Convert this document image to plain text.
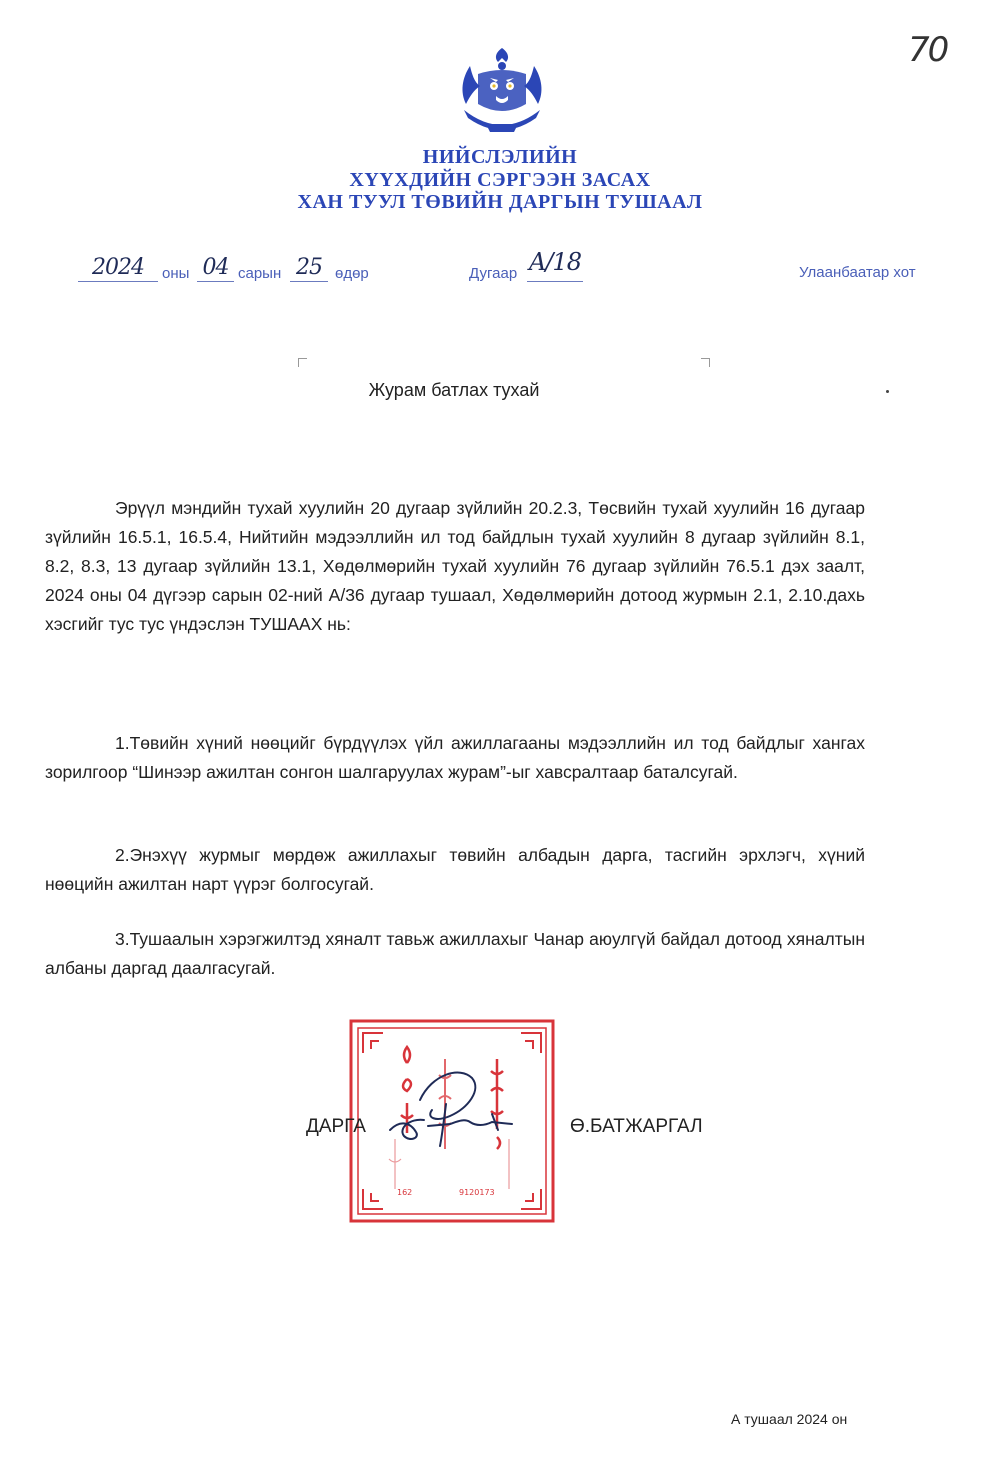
70
НИЙСЛЭЛИЙН
ХҮҮХДИЙН СЭРГЭЭН ЗАСАХ
ХАН ТУУЛ ТӨВИЙН ДАРГЫН ТУШААЛ
2024	оны 04 сарын 25 өдөр	Дугаар A/18	Улаанбаатар хот
Журам батлах тухай
Эрүүл мэндийн тухай хуулийн 20 дугаар зүйлийн 20.2.3, Төсвийн тухай хуулийн 16 дугаар зүйлийн 16.5.1, 16.5.4, Нийтийн мэдээллийн ил тод байдлын тухай хуулийн 8 дугаар зүйлийн 8.1, 8.2, 8.3, 13 дугаар зүйлийн 13.1, Хөдөлмөрийн тухай хуулийн 76 дугаар зүйлийн 76.5.1 дэх заалт, 2024 оны 04 дүгээр сарын 02-ний А/36 дугаар тушаал, Хөдөлмөрийн дотоод журмын 2.1, 2.10.дахь хэсгийг тус тус үндэслэн ТУШААХ нь:
1.Төвийн хүний нөөцийг бүрдүүлэх үйл ажиллагааны мэдээллийн ил тод байдлыг хангах зорилгоор “Шинээр ажилтан сонгон шалгаруулах журам”-ыг хавсралтаар баталсугай.
2.Энэхүү журмыг мөрдөж ажиллахыг төвийн албадын дарга, тасгийн эрхлэгч, хүний нөөцийн ажилтан нарт үүрэг болгосугай.
3.Тушаалын хэрэгжилтэд хяналт тавьж ажиллахыг Чанар аюулгүй байдал дотоод хяналтын албаны даргад даалгасугай.
162	9120173
ДАРГА	Ө.БАТЖАРГАЛ
А тушаал 2024 он
